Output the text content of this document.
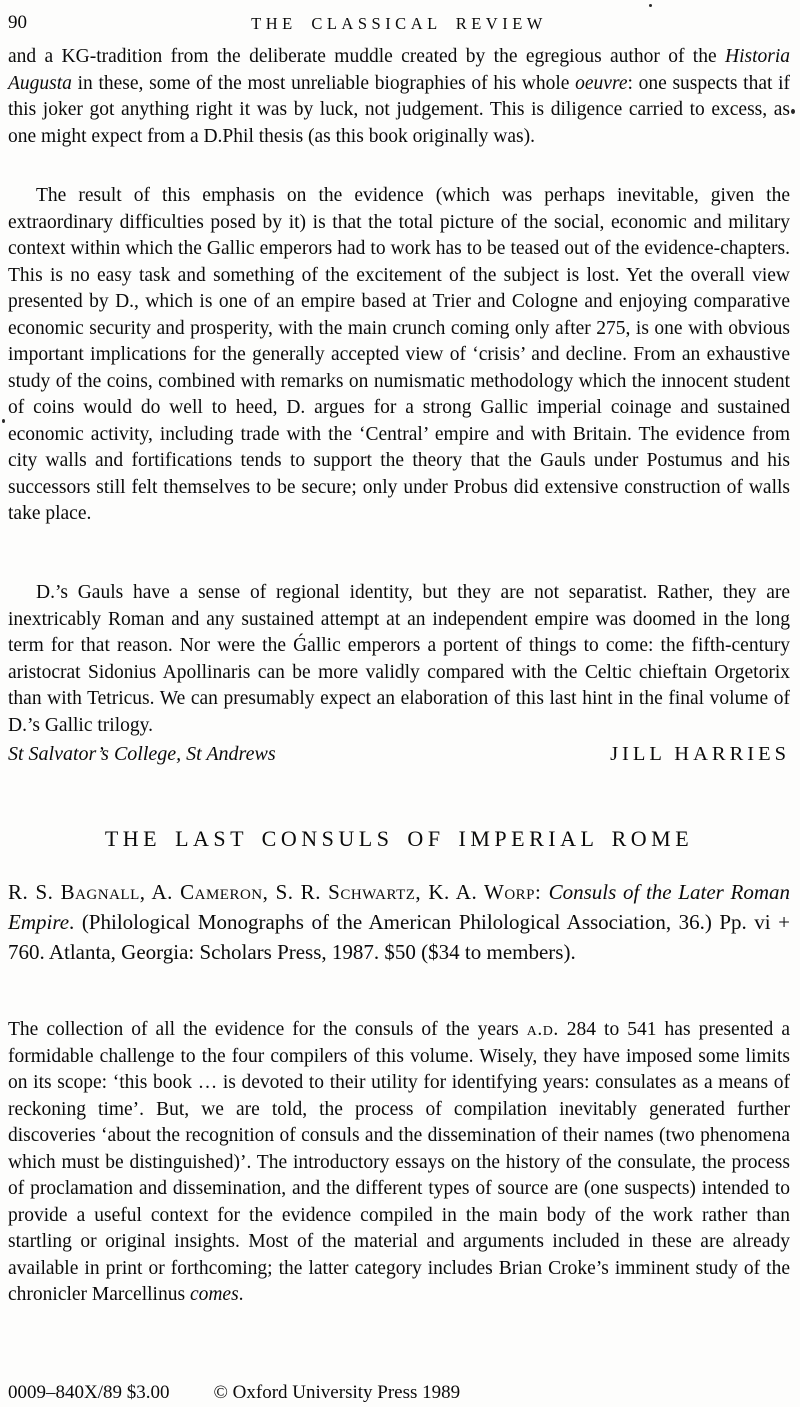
90	THE CLASSICAL REVIEW

and a KG-tradition from the deliberate muddle created by the egregious author of the Historia Augusta in these, some of the most unreliable biographies of his whole oeuvre: one suspects that if this joker got anything right it was by luck, not judgement. This is diligence carried to excess, as one might expect from a D.Phil thesis (as this book originally was).

The result of this emphasis on the evidence (which was perhaps inevitable, given the extraordinary difficulties posed by it) is that the total picture of the social, economic and military context within which the Gallic emperors had to work has to be teased out of the evidence-chapters. This is no easy task and something of the excitement of the subject is lost. Yet the overall view presented by D., which is one of an empire based at Trier and Cologne and enjoying comparative economic security and prosperity, with the main crunch coming only after 275, is one with obvious important implications for the generally accepted view of ‘crisis’ and decline. From an exhaustive study of the coins, combined with remarks on numismatic methodology which the innocent student of coins would do well to heed, D. argues for a strong Gallic imperial coinage and sustained economic activity, including trade with the ‘Central’ empire and with Britain. The evidence from city walls and fortifications tends to support the theory that the Gauls under Postumus and his successors still felt themselves to be secure; only under Probus did extensive construction of walls take place.

D.’s Gauls have a sense of regional identity, but they are not separatist. Rather, they are inextricably Roman and any sustained attempt at an independent empire was doomed in the long term for that reason. Nor were the Ǵallic emperors a portent of things to come: the fifth-century aristocrat Sidonius Apollinaris can be more validly compared with the Celtic chieftain Orgetorix than with Tetricus. We can presumably expect an elaboration of this last hint in the final volume of D.’s Gallic trilogy.

St Salvator’s College, St Andrews	JILL HARRIES
THE LAST CONSULS OF IMPERIAL ROME

R. S. Bagnall, A. Cameron, S. R. Schwartz, K. A. Worp: Consuls of the Later Roman Empire. (Philological Monographs of the American Philological Association, 36.) Pp. vi + 760. Atlanta, Georgia: Scholars Press, 1987. $50 ($34 to members).

The collection of all the evidence for the consuls of the years a.d. 284 to 541 has presented a formidable challenge to the four compilers of this volume. Wisely, they have imposed some limits on its scope: ‘this book … is devoted to their utility for identifying years: consulates as a means of reckoning time’. But, we are told, the process of compilation inevitably generated further discoveries ‘about the recognition of consuls and the dissemination of their names (two phenomena which must be distinguished)’. The introductory essays on the history of the consulate, the process of proclamation and dissemination, and the different types of source are (one suspects) intended to provide a useful context for the evidence compiled in the main body of the work rather than startling or original insights. Most of the material and arguments included in these are already available in print or forthcoming; the latter category includes Brian Croke’s imminent study of the chronicler Marcellinus comes.

0009–840X/89 $3.00 © Oxford University Press 1989
